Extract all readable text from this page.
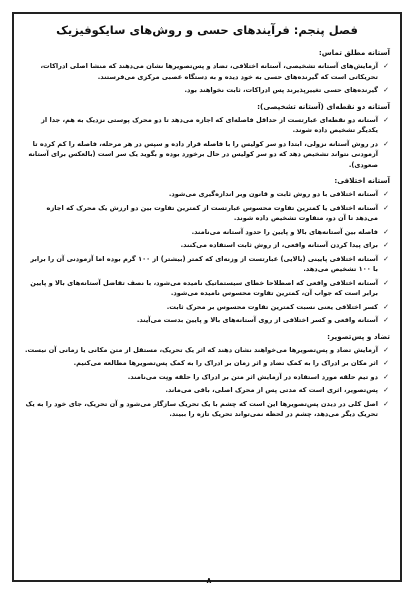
فصل پنجم: فرآیندهای حسی و روش‌های سایکوفیزیک
آستانه مطلق تماس:
✓
آزمایش‌های آستانه تشخیصی، آستانه اختلافی، تضاد و پس‌تصویرها نشان می‌دهند که منشا اصلی ادراکات، تحریکاتی است که گیرنده‌های حسی به خود دیده و به دستگاه عصبی مرکزی می‌فرستند.
✓
گیرنده‌های حسی تغییرپذیرند پس ادراکات، ثابت نخواهند بود.
آستانه دو نقطه‌ای (آستانه تشخیصی):
✓
آستانه دو نقطه‌ای عبارتست از حداقل فاصله‌ای که اجازه می‌دهد تا دو محرک پوستی نزدیک به هم، جدا از یکدیگر تشخیص داده شوند.
✓
در روش آستانه نزولی، ابتدا دو سر کولیس را با فاصله قرار داده و سپس در هر مرحله، فاصله را کم کرده تا آزمودنی نتواند تشخیص دهد که دو سر کولیس در حال برخورد بوده و بگوید یک سر است (بالعکس برای آستانه صعودی).
آستانه اختلافی:
✓
آستانه اختلافی با دو روش ثابت و قانون وبر اندازه‌گیری می‌شود.
✓
آستانه اختلافی یا کمترین تفاوت محسوس عبارتست از کمترین تفاوت بین دو ارزش یک محرک که اجازه می‌دهد تا آن دو، متفاوت تشخیص داده شوند.
✓
فاصله بین آستانه‌های بالا و پایین را حدود آستانه می‌نامند.
✓
برای پیدا کردن آستانه واقعی، از روش ثابت استفاده می‌کنند.
✓
آستانه اختلافی پایینی (بالایی) عبارتست از وزنه‌ای که کمتر (بیشتر) از ۱۰۰ گرم بوده اما آزمودنی آن را برابر با ۱۰۰ تشخیص می‌دهد.
✓
آستانه اختلافی واقعی که اصطلاحا خطای سیستماتیک نامیده می‌شود، با نصف تفاضل آستانه‌های بالا و پایین برابر است که جواب آن، کمترین تفاوت محسوس نامیده می‌شود.
✓
کسر اختلافی یعنی نسبت کمترین تفاوت محسوس بر محرک ثابت.
✓
آستانه واقعی و کسر اختلافی از روی آستانه‌های بالا و پایین بدست می‌آیند.
تضاد و پس‌تصویر:
✓
آزمایش تضاد و پس‌تصویرها می‌خواهند نشان دهند که اثر یک تحریک، مستقل از متن مکانی یا زمانی آن نیست.
✓
اثر مکان بر ادراک را به کمک تضاد و اثر زمان بر ادراک را به کمک پس‌تصویرها مطالعه می‌کنیم.
✓
دو تیم حلقه مورد استفاده در آزمایش اثر متن بر ادراک را حلقه ونِت می‌نامند.
✓
پس‌تصویر، اثری است که مدتی پس از محرک اصلی، باقی می‌ماند.
✓
اصل کلی در دیدن پس‌تصویرها این است که چشم با یک تحریک سازگار می‌شود و آن تحریک، جای خود را به یک تحریک دیگر می‌دهد، چشم در لحظه نمی‌تواند تحریک تازه را ببیند.
۸
